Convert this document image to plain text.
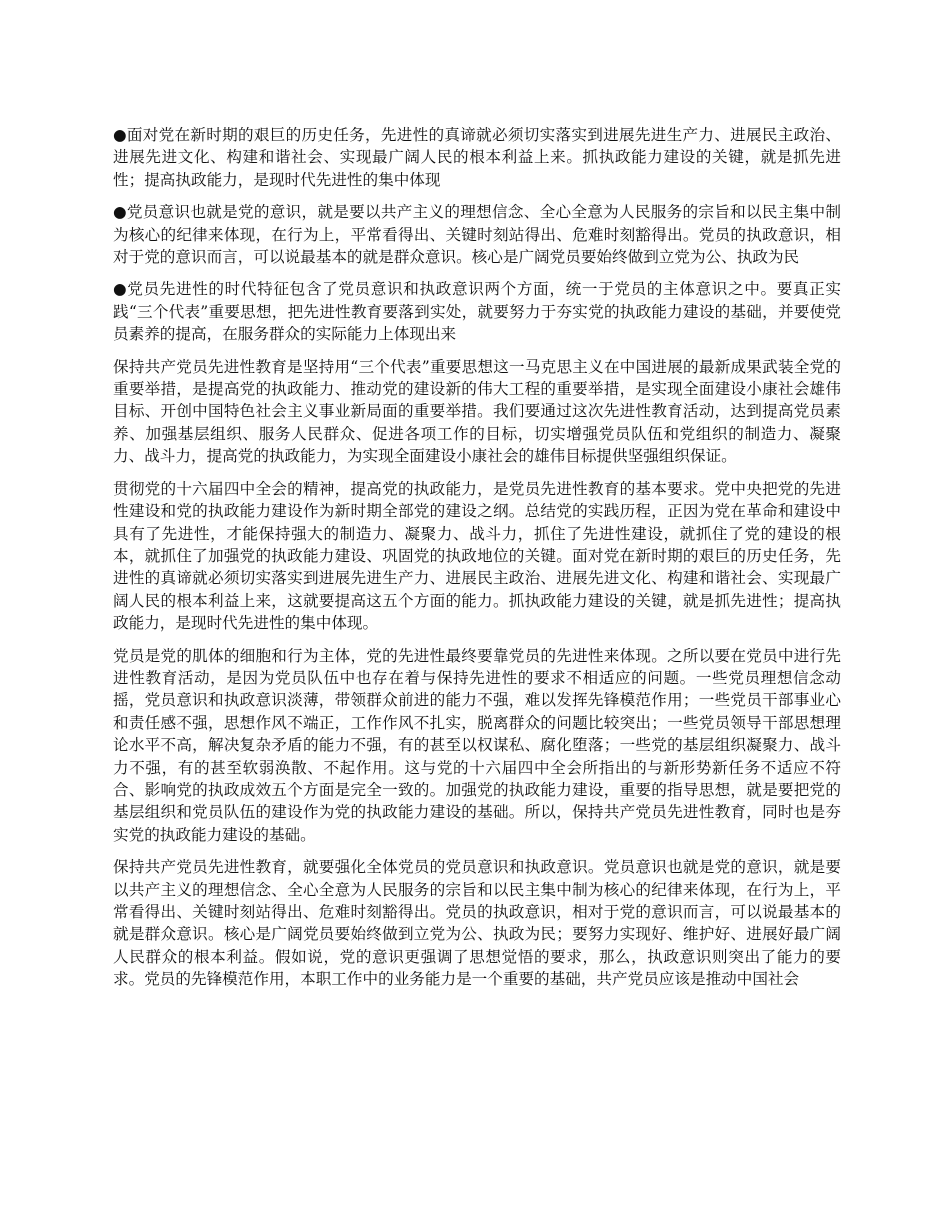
●面对党在新时期的艰巨的历史任务，先进性的真谛就必须切实落实到进展先进生产力、进展民主政治、进展先进文化、构建和谐社会、实现最广阔人民的根本利益上来。抓执政能力建设的关键，就是抓先进性；提高执政能力，是现时代先进性的集中体现

●党员意识也就是党的意识，就是要以共产主义的理想信念、全心全意为人民服务的宗旨和以民主集中制为核心的纪律来体现，在行为上，平常看得出、关键时刻站得出、危难时刻豁得出。党员的执政意识，相对于党的意识而言，可以说最基本的就是群众意识。核心是广阔党员要始终做到立党为公、执政为民

●党员先进性的时代特征包含了党员意识和执政意识两个方面，统一于党员的主体意识之中。要真正实践“三个代表”重要思想，把先进性教育要落到实处，就要努力于夯实党的执政能力建设的基础，并要使党员素养的提高，在服务群众的实际能力上体现出来

保持共产党员先进性教育是坚持用“三个代表”重要思想这一马克思主义在中国进展的最新成果武装全党的重要举措，是提高党的执政能力、推动党的建设新的伟大工程的重要举措，是实现全面建设小康社会雄伟目标、开创中国特色社会主义事业新局面的重要举措。我们要通过这次先进性教育活动，达到提高党员素养、加强基层组织、服务人民群众、促进各项工作的目标，切实增强党员队伍和党组织的制造力、凝聚力、战斗力，提高党的执政能力，为实现全面建设小康社会的雄伟目标提供坚强组织保证。

贯彻党的十六届四中全会的精神，提高党的执政能力，是党员先进性教育的基本要求。党中央把党的先进性建设和党的执政能力建设作为新时期全部党的建设之纲。总结党的实践历程，正因为党在革命和建设中具有了先进性，才能保持强大的制造力、凝聚力、战斗力，抓住了先进性建设，就抓住了党的建设的根本，就抓住了加强党的执政能力建设、巩固党的执政地位的关键。面对党在新时期的艰巨的历史任务，先进性的真谛就必须切实落实到进展先进生产力、进展民主政治、进展先进文化、构建和谐社会、实现最广阔人民的根本利益上来，这就要提高这五个方面的能力。抓执政能力建设的关键，就是抓先进性；提高执政能力，是现时代先进性的集中体现。

党员是党的肌体的细胞和行为主体，党的先进性最终要靠党员的先进性来体现。之所以要在党员中进行先进性教育活动，是因为党员队伍中也存在着与保持先进性的要求不相适应的问题。一些党员理想信念动摇，党员意识和执政意识淡薄，带领群众前进的能力不强，难以发挥先锋模范作用；一些党员干部事业心和责任感不强，思想作风不端正，工作作风不扎实，脱离群众的问题比较突出；一些党员领导干部思想理论水平不高，解决复杂矛盾的能力不强，有的甚至以权谋私、腐化堕落；一些党的基层组织凝聚力、战斗力不强，有的甚至软弱涣散、不起作用。这与党的十六届四中全会所指出的与新形势新任务不适应不符合、影响党的执政成效五个方面是完全一致的。加强党的执政能力建设，重要的指导思想，就是要把党的基层组织和党员队伍的建设作为党的执政能力建设的基础。所以，保持共产党员先进性教育，同时也是夯实党的执政能力建设的基础。

保持共产党员先进性教育，就要强化全体党员的党员意识和执政意识。党员意识也就是党的意识，就是要以共产主义的理想信念、全心全意为人民服务的宗旨和以民主集中制为核心的纪律来体现，在行为上，平常看得出、关键时刻站得出、危难时刻豁得出。党员的执政意识，相对于党的意识而言，可以说最基本的就是群众意识。核心是广阔党员要始终做到立党为公、执政为民；要努力实现好、维护好、进展好最广阔人民群众的根本利益。假如说，党的意识更强调了思想觉悟的要求，那么，执政意识则突出了能力的要求。党员的先锋模范作用，本职工作中的业务能力是一个重要的基础，共产党员应该是推动中国社会
